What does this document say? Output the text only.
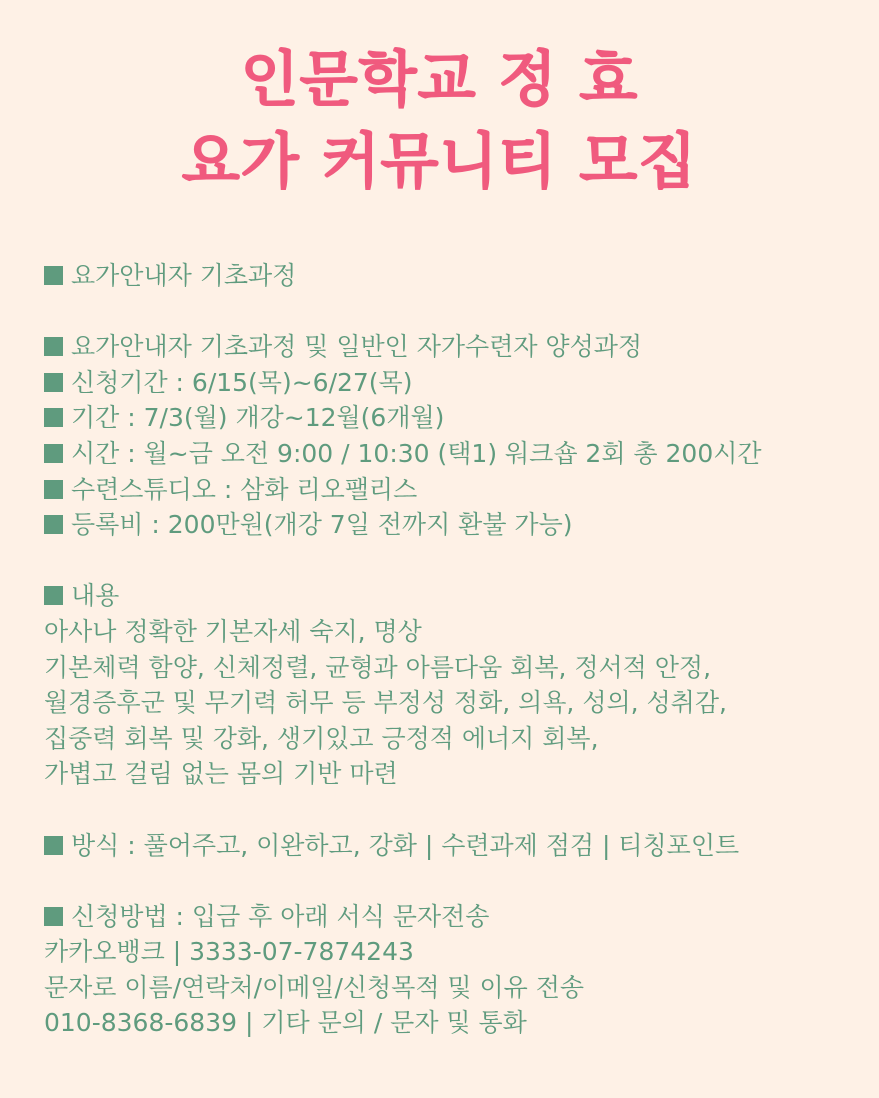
인문학교 정 효
요가 커뮤니티 모집
요가안내자 기초과정
요가안내자 기초과정 및 일반인 자가수련자 양성과정
신청기간 : 6/15(목)~6/27(목)
기간 : 7/3(월) 개강~12월(6개월)
시간 : 월~금 오전 9:00 / 10:30 (택1) 워크숍 2회 총 200시간
수련스튜디오 : 삼화 리오팰리스
등록비 : 200만원(개강 7일 전까지 환불 가능)
내용
아사나 정확한 기본자세 숙지, 명상
기본체력 함양, 신체정렬, 균형과 아름다움 회복, 정서적 안정,
월경증후군 및 무기력 허무 등 부정성 정화, 의욕, 성의, 성취감,
집중력 회복 및 강화, 생기있고 긍정적 에너지 회복,
가볍고 걸림 없는 몸의 기반 마련
방식 : 풀어주고, 이완하고, 강화 | 수련과제 점검 | 티칭포인트
신청방법 : 입금 후 아래 서식 문자전송
카카오뱅크 | 3333-07-7874243
문자로 이름/연락처/이메일/신청목적 및 이유 전송
010-8368-6839 | 기타 문의 / 문자 및 통화
